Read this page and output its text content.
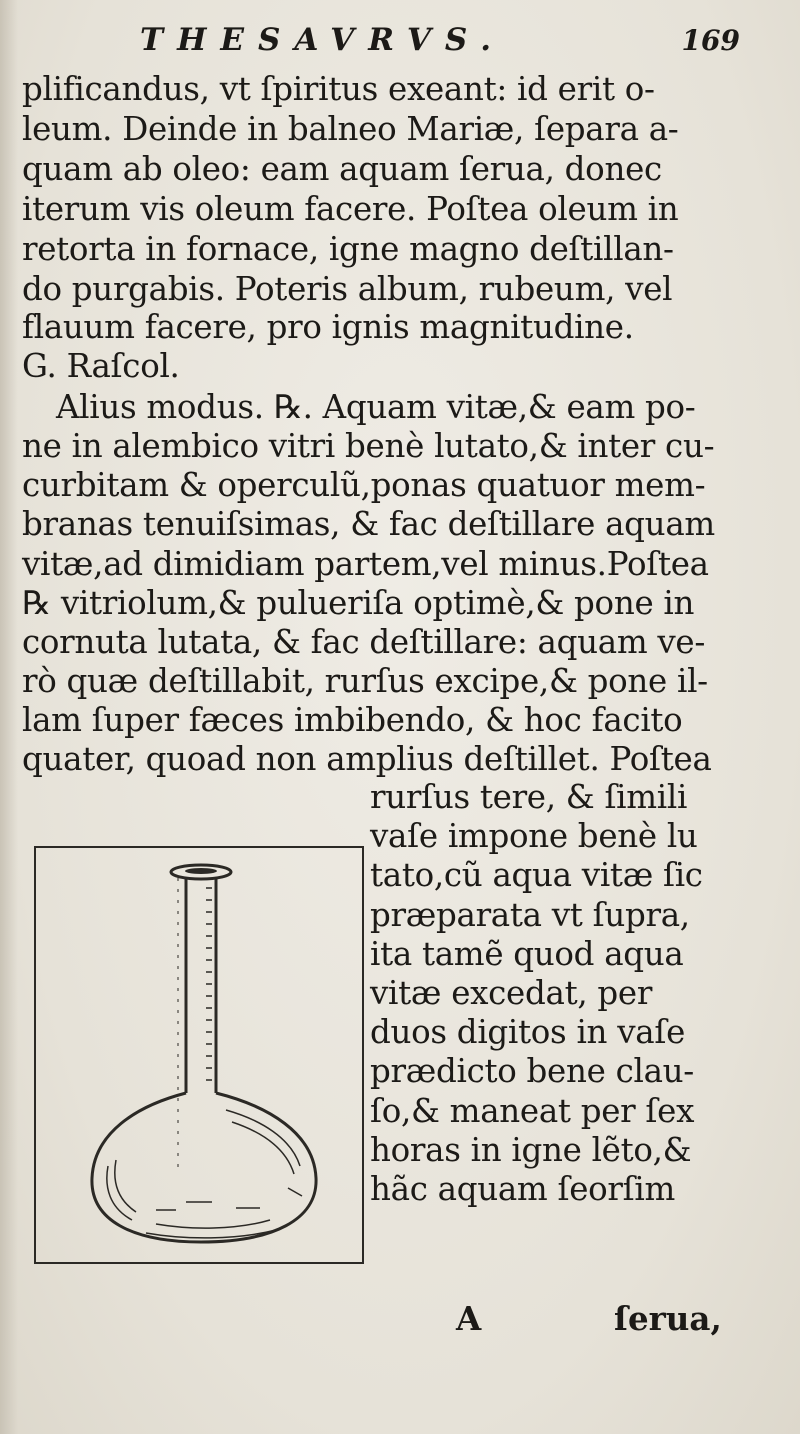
THESAVRVS.	169
plificandus, vt ſpiritus exeant: id erit o-
leum. Deinde in balneo Mariæ, ſepara a-
quam ab oleo: eam aquam ſerua, donec
iterum vis oleum facere. Poſtea oleum in
retorta in fornace, igne magno deſtillan-
do purgabis. Poteris album, rubeum, vel
flauum facere, pro ignis magnitudine.
G. Raſcol.
Alius modus. ℞. Aquam vitæ,& eam po-
ne in alembico vitri benè lutato,& inter cu-
curbitam & operculũ,ponas quatuor mem-
branas tenuiſsimas, & fac deſtillare aquam
vitæ,ad dimidiam partem,vel minus.Poſtea
℞ vitriolum,& pulueriſa optimè,& pone in
cornuta lutata, & fac deſtillare: aquam ve-
rò quæ deſtillabit, rurſus excipe,& pone il-
lam ſuper fæces imbibendo, & hoc facito
quater, quoad non amplius deſtillet. Poſtea
rurſus tere, & ſimili
vaſe impone benè lu
tato,cũ aqua vitæ ſic
præparata vt ſupra,
ita tamẽ quod aqua
vitæ excedat, per
duos digitos in vaſe
prædicto bene clau-
ſo,& maneat per ſex
horas in igne lẽto,&
hãc aquam ſeorſim
A	ſerua,
